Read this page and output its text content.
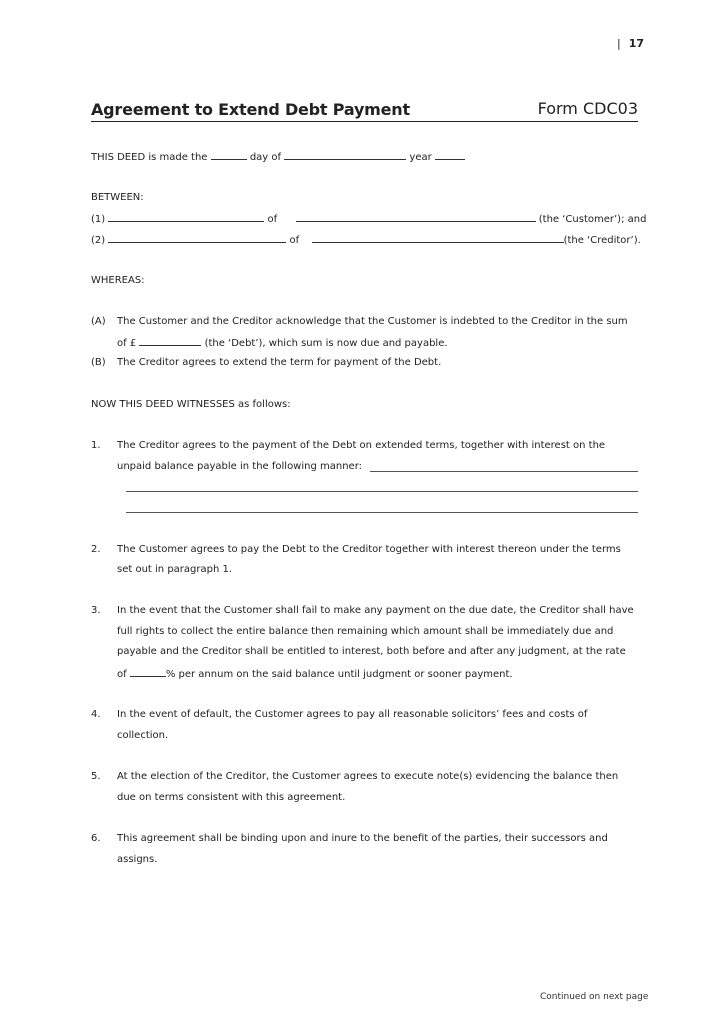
| 17
Agreement to Extend Debt Payment	Form CDC03
THIS DEED is made the	day of	year
BETWEEN:
(1)	of	(the ‘Customer’); and
(2)	of	(the ‘Creditor’).
WHEREAS:
(A) The Customer and the Creditor acknowledge that the Customer is indebted to the Creditor in the sum
of £	(the ‘Debt’), which sum is now due and payable.
(B) The Creditor agrees to extend the term for payment of the Debt.
NOW THIS DEED WITNESSES as follows:
1. The Creditor agrees to the payment of the Debt on extended terms, together with interest on the
unpaid balance payable in the following manner:
2. The Customer agrees to pay the Debt to the Creditor together with interest thereon under the terms
set out in paragraph 1.
3. In the event that the Customer shall fail to make any payment on the due date, the Creditor shall have
full rights to collect the entire balance then remaining which amount shall be immediately due and
payable and the Creditor shall be entitled to interest, both before and after any judgment, at the rate
of	% per annum on the said balance until judgment or sooner payment.
4. In the event of default, the Customer agrees to pay all reasonable solicitors’ fees and costs of
collection.
5. At the election of the Creditor, the Customer agrees to execute note(s) evidencing the balance then
due on terms consistent with this agreement.
6. This agreement shall be binding upon and inure to the benefit of the parties, their successors and
assigns.
Continued on next page
